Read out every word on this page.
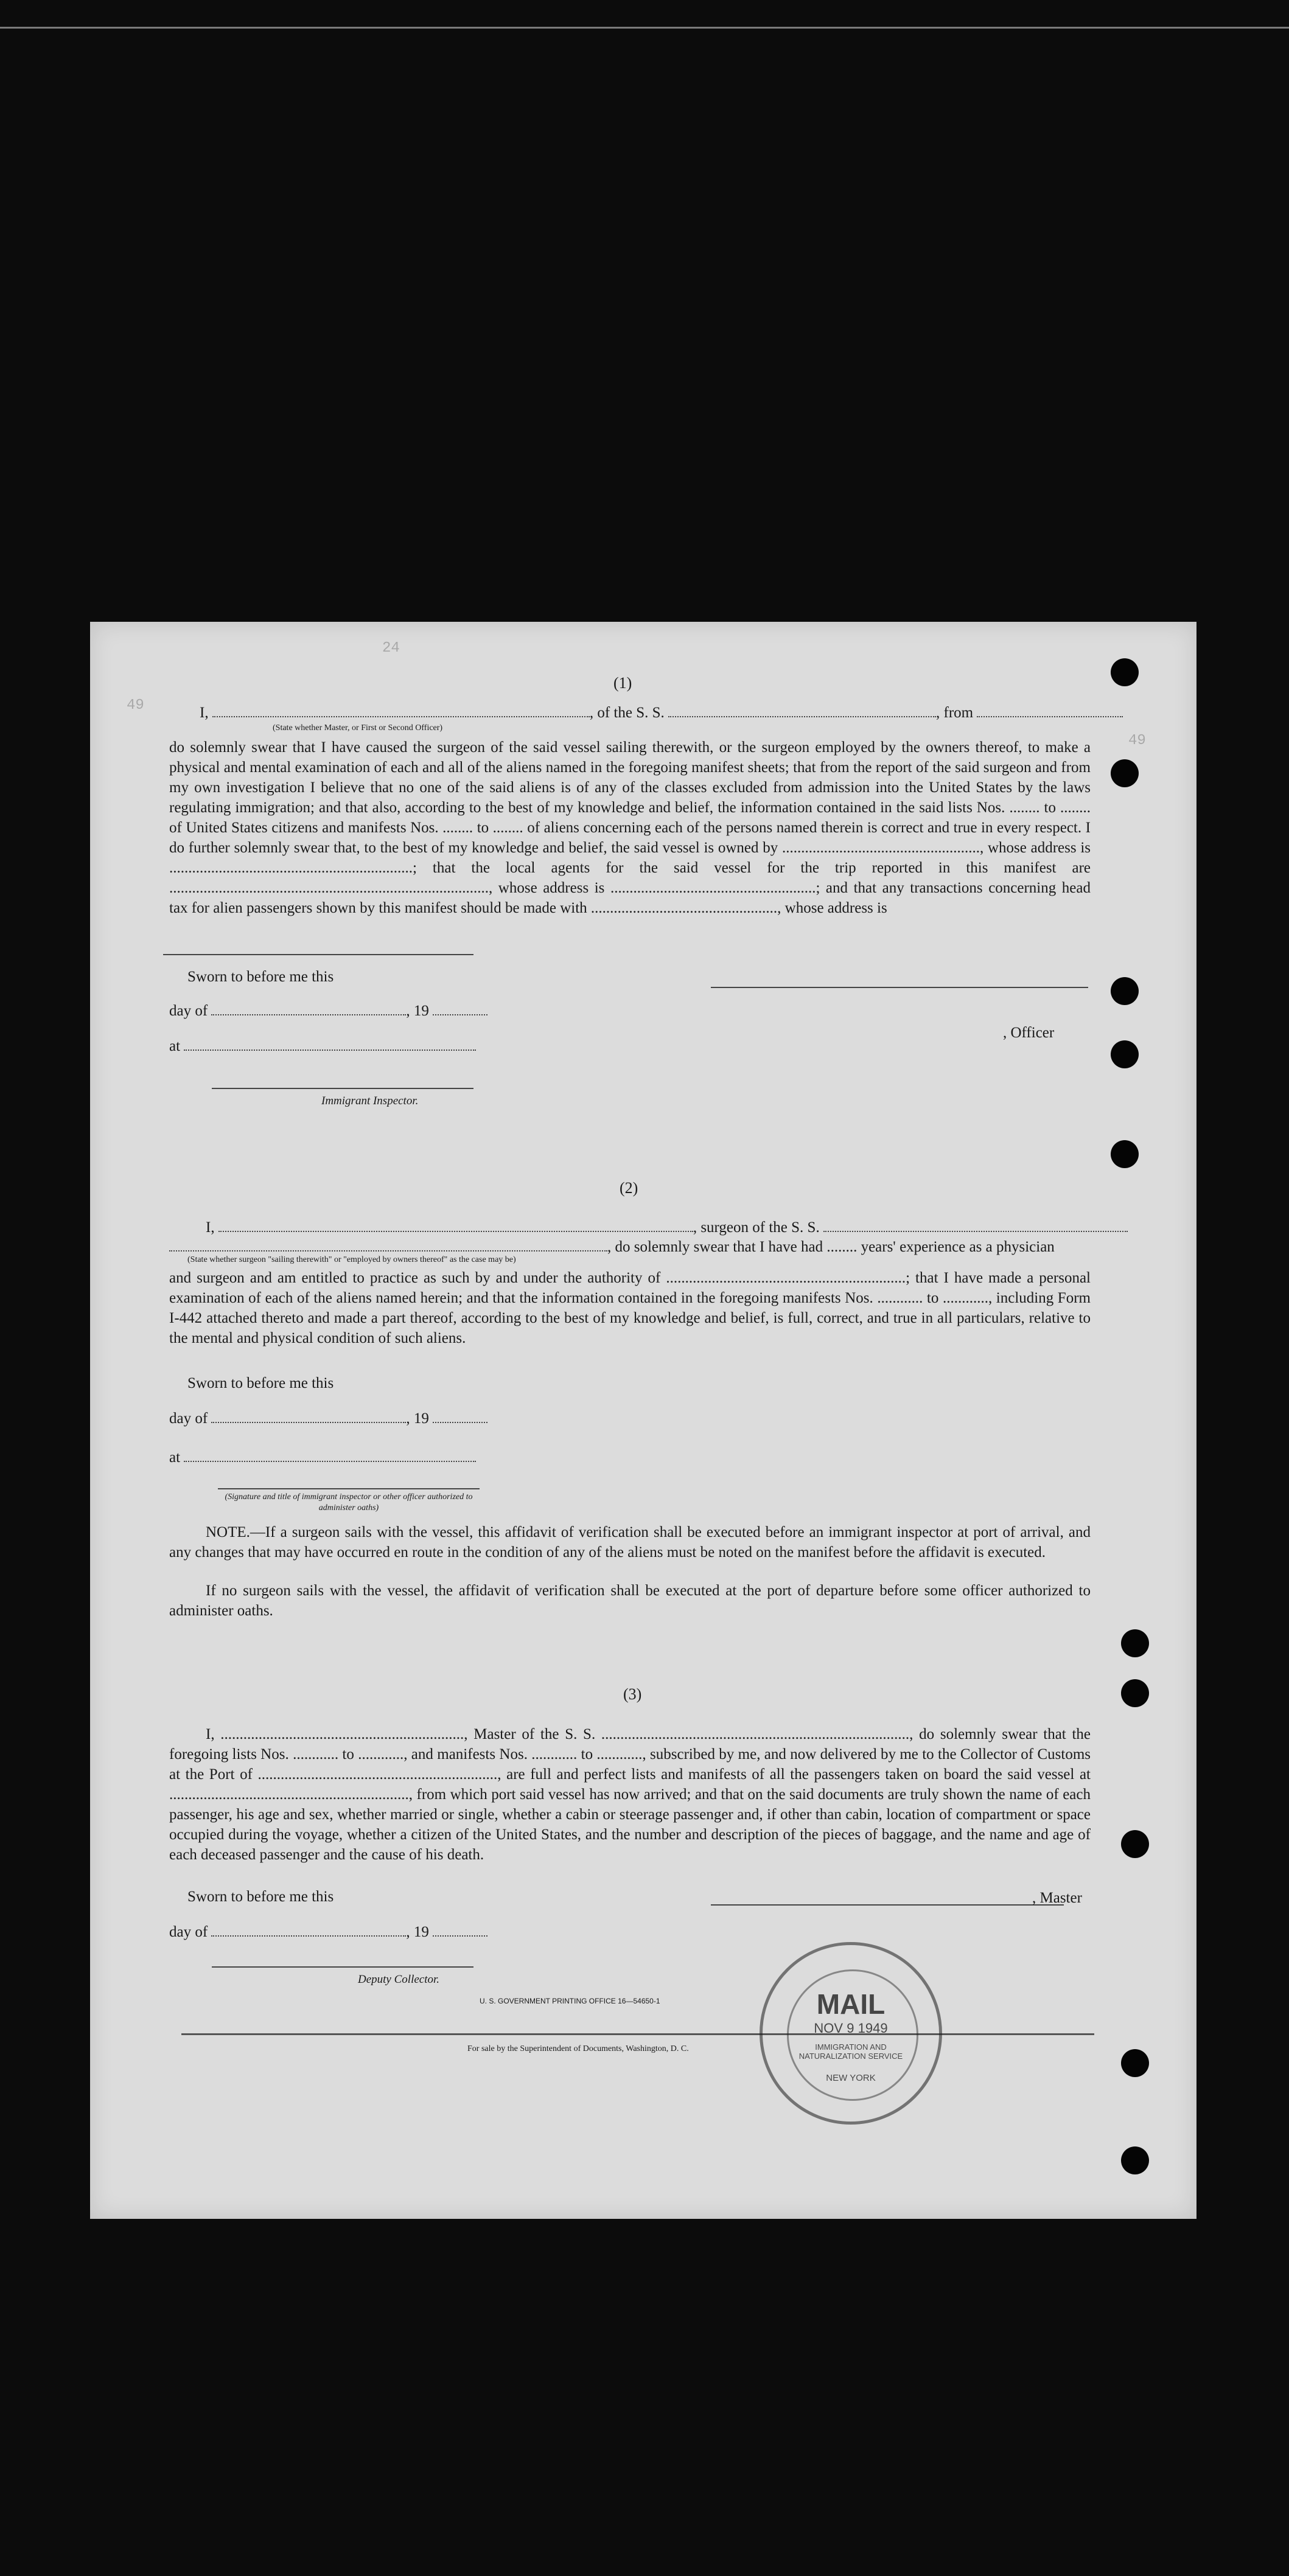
24
49
49
(1)
I,	, of the S. S.	, from
(State whether Master, or First or Second Officer)
do solemnly swear that I have caused the surgeon of the said vessel sailing therewith, or the surgeon employed by the owners thereof, to make a physical and mental examination of each and all of the aliens named in the foregoing manifest sheets; that from the report of the said surgeon and from my own investigation I believe that no one of the said aliens is of any of the classes excluded from admission into the United States by the laws regulating immigration; and that also, according to the best of my knowledge and belief, the information contained in the said lists Nos. ........ to ........ of United States citizens and manifests Nos. ........ to ........ of aliens concerning each of the persons named therein is correct and true in every respect. I do further solemnly swear that, to the best of my knowledge and belief, the said vessel is owned by ...................................................., whose address is ................................................................; that the local agents for the said vessel for the trip reported in this manifest are ...................................................................................., whose address is ......................................................; and that any transactions concerning head tax for alien passengers shown by this manifest should be made with ................................................., whose address is
Sworn to before me this
day of	, 19
, Officer
at
Immigrant Inspector.
(2)
I,	, surgeon of the S. S.
, do solemnly swear that I have had ........ years' experience as a physician
(State whether surgeon "sailing therewith" or "employed by owners thereof" as the case may be)
and surgeon and am entitled to practice as such by and under the authority of ...............................................................; that I have made a personal examination of each of the aliens named herein; and that the information contained in the foregoing manifests Nos. ............ to ............, including Form I-442 attached thereto and made a part thereof, according to the best of my knowledge and belief, is full, correct, and true in all particulars, relative to the mental and physical condition of such aliens.
Sworn to before me this
day of	, 19
at
(Signature and title of immigrant inspector or other officer authorized to administer oaths)
NOTE.—If a surgeon sails with the vessel, this affidavit of verification shall be executed before an immigrant inspector at port of arrival, and any changes that may have occurred en route in the condition of any of the aliens must be noted on the manifest before the affidavit is executed.
If no surgeon sails with the vessel, the affidavit of verification shall be executed at the port of departure before some officer authorized to administer oaths.
(3)
I, ................................................................, Master of the S. S. ................................................................................., do solemnly swear that the foregoing lists Nos. ............ to ............, and manifests Nos. ............ to ............, subscribed by me, and now delivered by me to the Collector of Customs at the Port of ..............................................................., are full and perfect lists and manifests of all the passengers taken on board the said vessel at ..............................................................., from which port said vessel has now arrived; and that on the said documents are truly shown the name of each passenger, his age and sex, whether married or single, whether a cabin or steerage passenger and, if other than cabin, location of compartment or space occupied during the voyage, whether a citizen of the United States, and the number and description of the pieces of baggage, and the name and age of each deceased passenger and the cause of his death.
Sworn to before me this	, Master
day of	, 19
Deputy Collector.
U. S. GOVERNMENT PRINTING OFFICE 16—54650-1
For sale by the Superintendent of Documents, Washington, D. C.
MAIL
NOV 9 1949
IMMIGRATION AND NATURALIZATION SERVICE
NEW YORK
